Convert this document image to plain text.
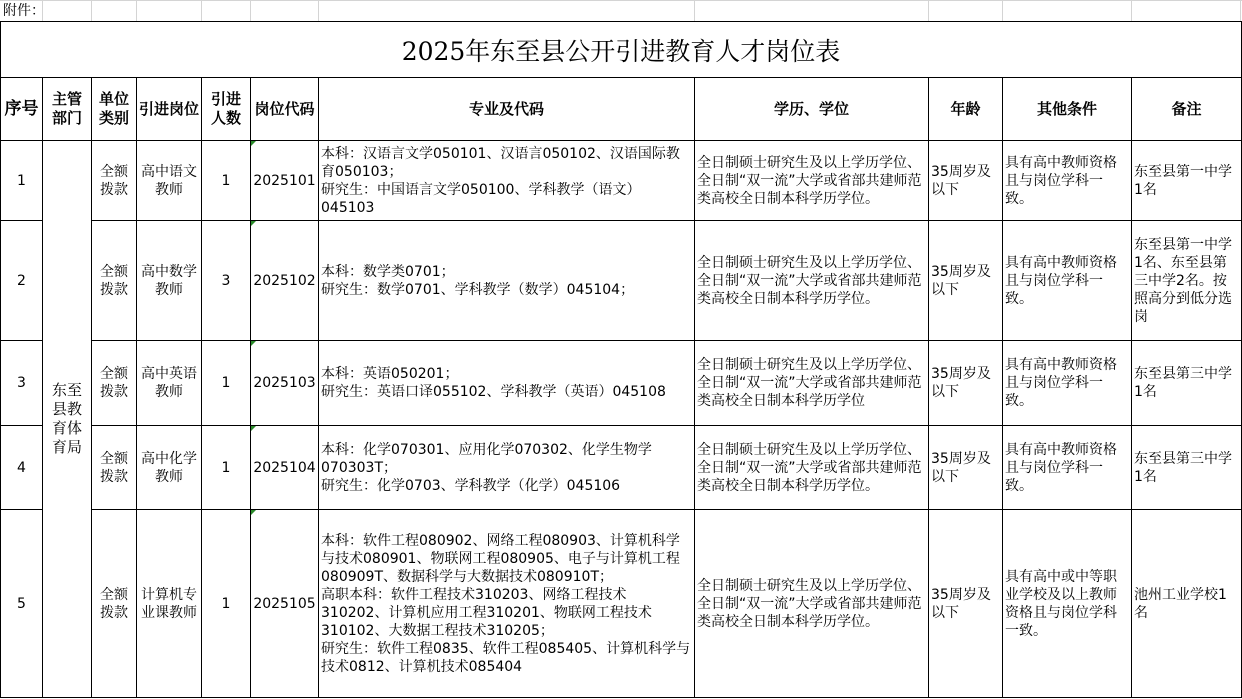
附件：
2025年东至县公开引进教育人才岗位表
序号	主管部门	单位类别	引进岗位	引进人数	岗位代码	专业及代码	学历、学位	年龄	其他条件	备注
1	东至县教育体育局	全额拨款	高中语文教师	1	2025101	本科：汉语言文学050101、汉语言050102、汉语国际教育050103；
研究生：中国语言文学050100、学科教学（语文）045103	全日制硕士研究生及以上学历学位、全日制“双一流”大学或省部共建师范类高校全日制本科学历学位。	35周岁及以下	具有高中教师资格且与岗位学科一致。	东至县第一中学1名
2		全额拨款	高中数学教师	3	2025102	本科：数学类0701；
研究生：数学0701、学科教学（数学）045104；	全日制硕士研究生及以上学历学位、全日制“双一流”大学或省部共建师范类高校全日制本科学历学位。	35周岁及以下	具有高中教师资格且与岗位学科一致。	东至县第一中学1名、东至县第三中学2名。按照高分到低分选岗
3		全额拨款	高中英语教师	1	2025103	本科：英语050201；
研究生：英语口译055102、学科教学（英语）045108	全日制硕士研究生及以上学历学位、全日制“双一流”大学或省部共建师范类高校全日制本科学历学位	35周岁及以下	具有高中教师资格且与岗位学科一致。	东至县第三中学1名
4		全额拨款	高中化学教师	1	2025104	本科：化学070301、应用化学070302、化学生物学070303T；
研究生：化学0703、学科教学（化学）045106	全日制硕士研究生及以上学历学位、全日制“双一流”大学或省部共建师范类高校全日制本科学历学位。	35周岁及以下	具有高中教师资格且与岗位学科一致。	东至县第三中学1名
5		全额拨款	计算机专业课教师	1	2025105	本科：软件工程080902、网络工程080903、计算机科学与技术080901、物联网工程080905、电子与计算机工程080909T、数据科学与大数据技术080910T；
高职本科：软件工程技术310203、网络工程技术310202、计算机应用工程310201、物联网工程技术310102、大数据工程技术310205；
研究生：软件工程0835、软件工程085405、计算机科学与技术0812、计算机技术085404	全日制硕士研究生及以上学历学位、全日制“双一流”大学或省部共建师范类高校全日制本科学历学位。	35周岁及以下	具有高中或中等职业学校及以上教师资格且与岗位学科一致。	池州工业学校1名
